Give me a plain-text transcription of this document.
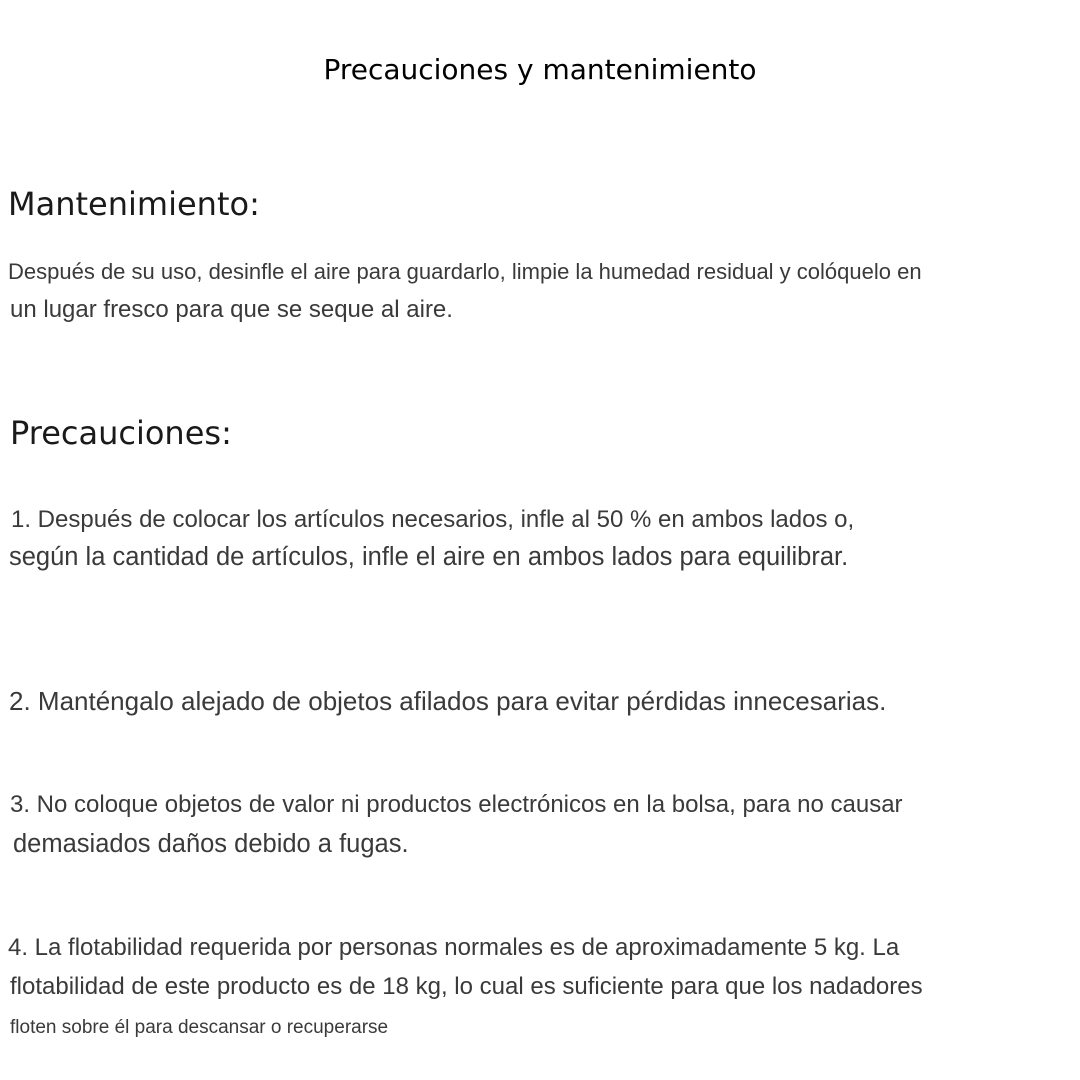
Precauciones y mantenimiento
Mantenimiento:

Después de su uso, desinfle el aire para guardarlo, limpie la humedad residual y colóquelo en

un lugar fresco para que se seque al aire.

Precauciones:

1. Después de colocar los artículos necesarios, infle al 50 % en ambos lados o,

según la cantidad de artículos, infle el aire en ambos lados para equilibrar.

2. Manténgalo alejado de objetos afilados para evitar pérdidas innecesarias.

3. No coloque objetos de valor ni productos electrónicos en la bolsa, para no causar

demasiados daños debido a fugas.

4. La flotabilidad requerida por personas normales es de aproximadamente 5 kg. La

flotabilidad de este producto es de 18 kg, lo cual es suficiente para que los nadadores

floten sobre él para descansar o recuperarse
